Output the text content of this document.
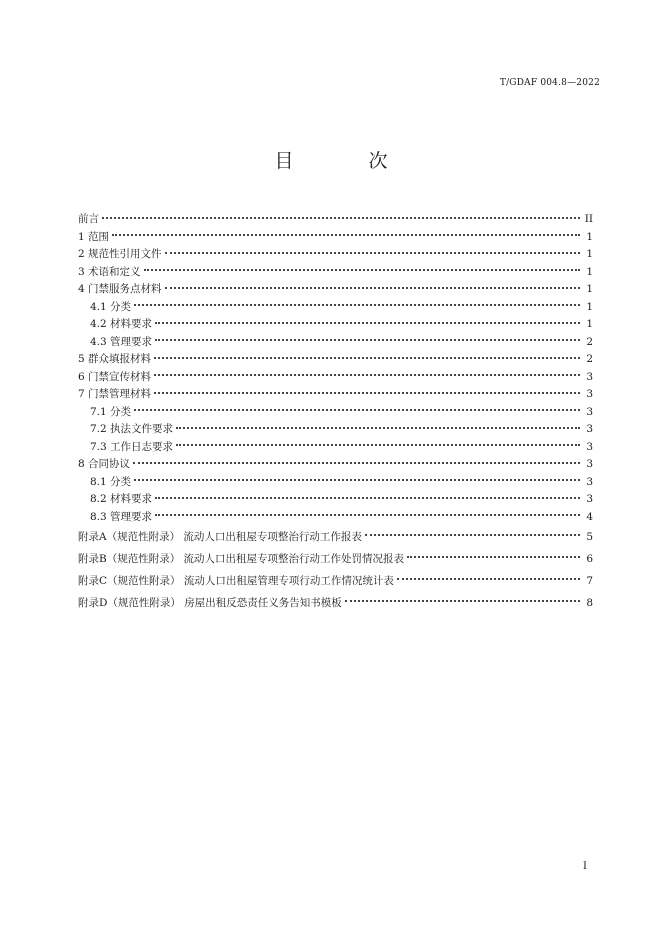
T/GDAF 004.8—2022
目　次
前言	II
1 范围	1
2 规范性引用文件	1
3 术语和定义	1
4 门禁服务点材料	1
4.1 分类	1
4.2 材料要求	1
4.3 管理要求	2
5 群众填报材料	2
6 门禁宣传材料	3
7 门禁管理材料	3
7.1 分类	3
7.2 执法文件要求	3
7.3 工作日志要求	3
8 合同协议	3
8.1 分类	3
8.2 材料要求	3
8.3 管理要求	4
附录A（规范性附录） 流动人口出租屋专项整治行动工作报表	5
附录B（规范性附录） 流动人口出租屋专项整治行动工作处罚情况报表	6
附录C（规范性附录） 流动人口出租屋管理专项行动工作情况统计表	7
附录D（规范性附录） 房屋出租反恐责任义务告知书模板	8
I
